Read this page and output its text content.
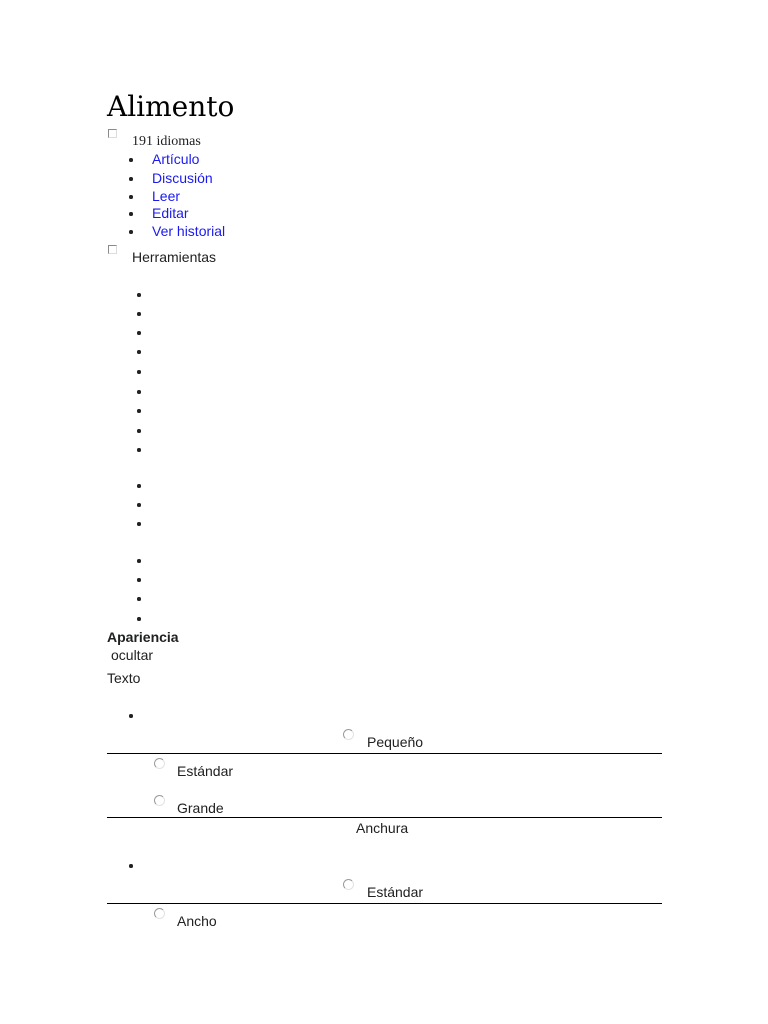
Alimento
191 idiomas
Artículo
Discusión
Leer
Editar
Ver historial
Herramientas
Apariencia
ocultar
Texto
Pequeño
Estándar
Grande
Anchura
Estándar
Ancho
